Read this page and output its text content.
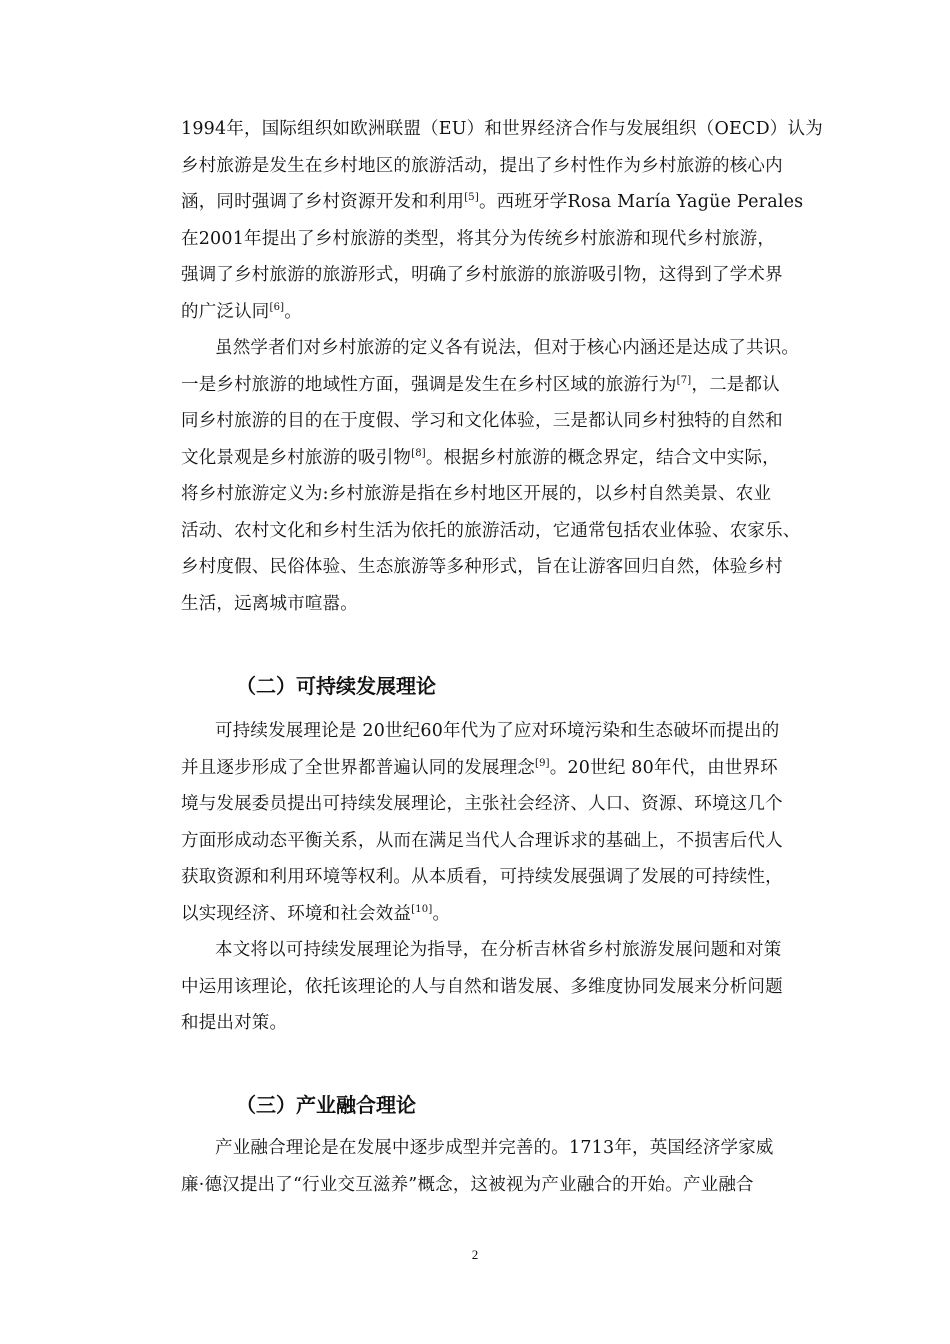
1994年，国际组织如欧洲联盟（EU）和世界经济合作与发展组织（OECD）认为
乡村旅游是发生在乡村地区的旅游活动，提出了乡村性作为乡村旅游的核心内
涵，同时强调了乡村资源开发和利用[5]。西班牙学Rosa María Yagüe Perales
在2001年提出了乡村旅游的类型，将其分为传统乡村旅游和现代乡村旅游，
强调了乡村旅游的旅游形式，明确了乡村旅游的旅游吸引物，这得到了学术界
的广泛认同[6]。
虽然学者们对乡村旅游的定义各有说法，但对于核心内涵还是达成了共识。
一是乡村旅游的地域性方面，强调是发生在乡村区域的旅游行为[7]，二是都认
同乡村旅游的目的在于度假、学习和文化体验，三是都认同乡村独特的自然和
文化景观是乡村旅游的吸引物[8]。根据乡村旅游的概念界定，结合文中实际，
将乡村旅游定义为:乡村旅游是指在乡村地区开展的，以乡村自然美景、农业
活动、农村文化和乡村生活为依托的旅游活动，它通常包括农业体验、农家乐、
乡村度假、民俗体验、生态旅游等多种形式，旨在让游客回归自然，体验乡村
生活，远离城市喧嚣。
（二）可持续发展理论
可持续发展理论是 20世纪60年代为了应对环境污染和生态破坏而提出的
并且逐步形成了全世界都普遍认同的发展理念[9]。20世纪 80年代，由世界环
境与发展委员提出可持续发展理论，主张社会经济、人口、资源、环境这几个
方面形成动态平衡关系，从而在满足当代人合理诉求的基础上，不损害后代人
获取资源和利用环境等权利。从本质看，可持续发展强调了发展的可持续性，
以实现经济、环境和社会效益[10]。
本文将以可持续发展理论为指导，在分析吉林省乡村旅游发展问题和对策
中运用该理论，依托该理论的人与自然和谐发展、多维度协同发展来分析问题
和提出对策。
（三）产业融合理论
产业融合理论是在发展中逐步成型并完善的。1713年，英国经济学家威
廉·德汉提出了“行业交互滋养”概念，这被视为产业融合的开始。产业融合
2
